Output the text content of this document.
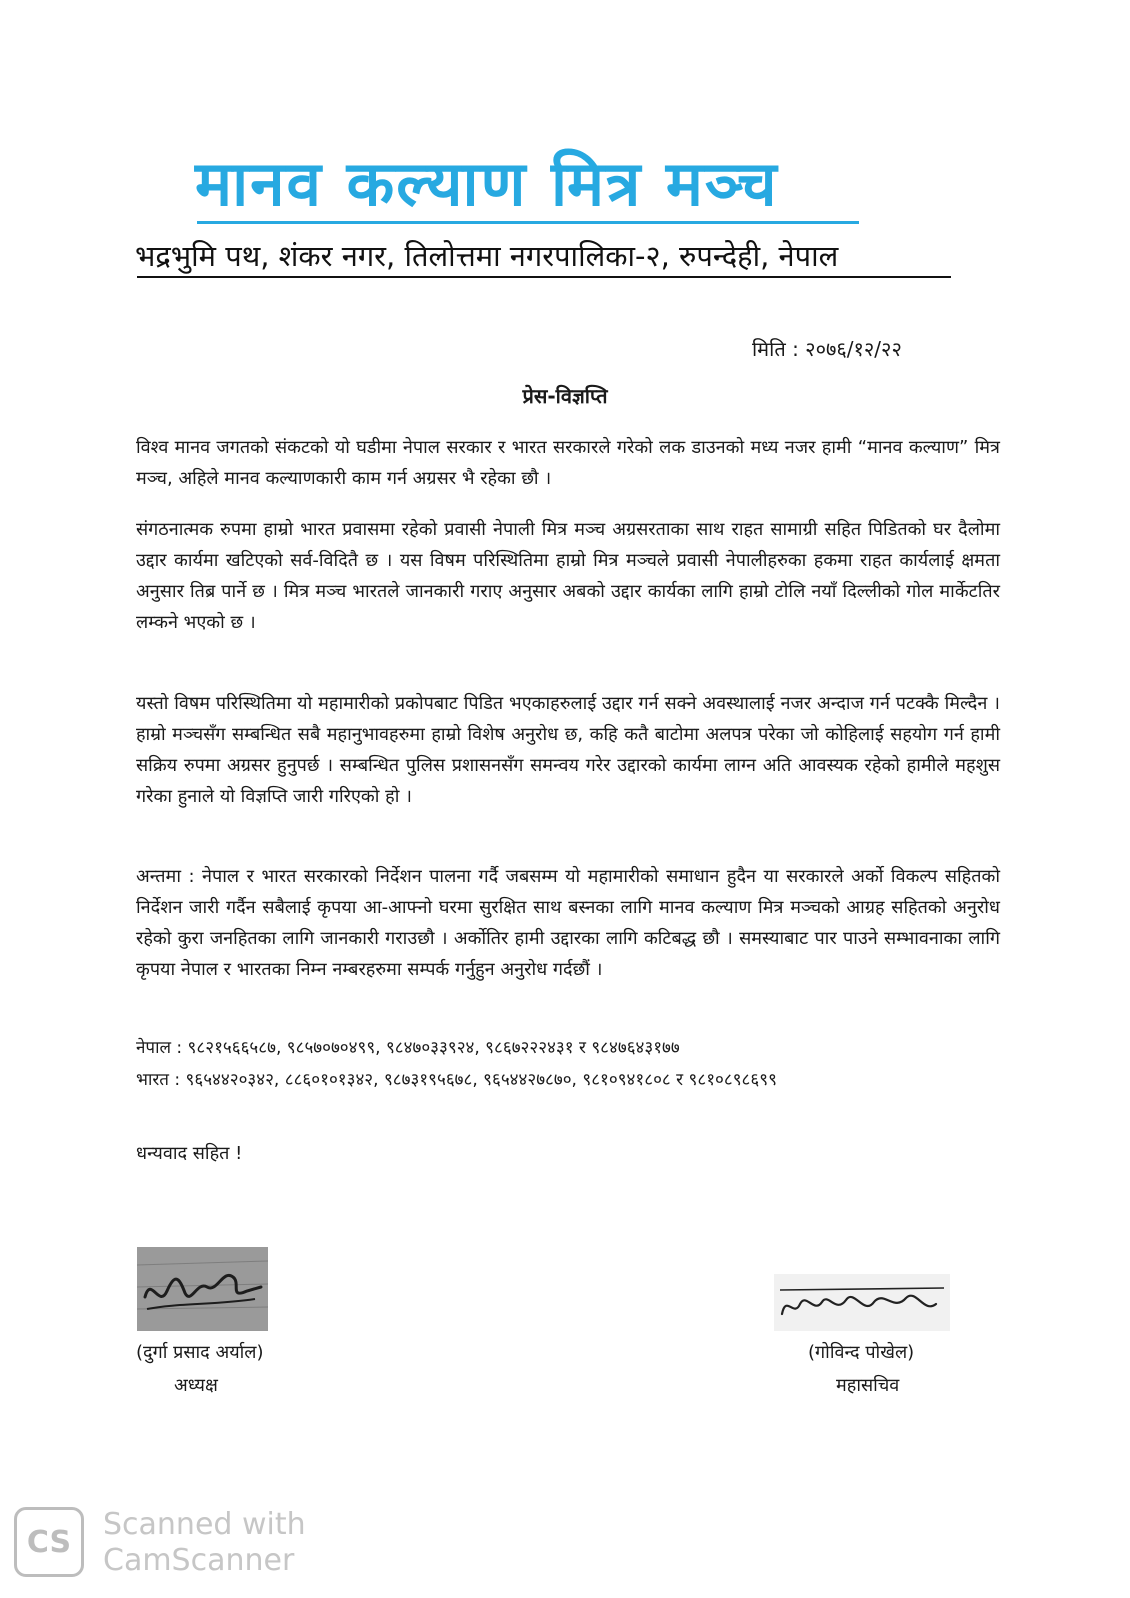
मानव कल्याण मित्र मञ्च
भद्रभुमि पथ, शंकर नगर, तिलोत्तमा नगरपालिका-२, रुपन्देही, नेपाल
मिति : २०७६/१२/२२
प्रेस-विज्ञप्ति
विश्व मानव जगतको संकटको यो घडीमा नेपाल सरकार र भारत सरकारले गरेको लक डाउनको मध्य नजर हामी “मानव कल्याण” मित्र मञ्च, अहिले मानव कल्याणकारी काम गर्न अग्रसर भै रहेका छौ ।
संगठनात्मक रुपमा हाम्रो भारत प्रवासमा रहेको प्रवासी नेपाली मित्र मञ्च अग्रसरताका साथ राहत सामाग्री सहित पिडितको घर दैलोमा उद्दार कार्यमा खटिएको सर्व-विदितै छ । यस विषम परिस्थितिमा हाम्रो मित्र मञ्चले प्रवासी नेपालीहरुका हकमा राहत कार्यलाई क्षमता अनुसार तिब्र पार्ने छ । मित्र मञ्च भारतले जानकारी गराए अनुसार अबको उद्दार कार्यका लागि हाम्रो टोलि नयाँ दिल्लीको गोल मार्केटतिर लम्कने भएको छ ।
यस्तो विषम परिस्थितिमा यो महामारीको प्रकोपबाट पिडित भएकाहरुलाई उद्दार गर्न सक्ने अवस्थालाई नजर अन्दाज गर्न पटक्कै मिल्दैन । हाम्रो मञ्चसँग सम्बन्धित सबै महानुभावहरुमा हाम्रो विशेष अनुरोध छ, कहि कतै बाटोमा अलपत्र परेका जो कोहिलाई सहयोग गर्न हामी सक्रिय रुपमा अग्रसर हुनुपर्छ । सम्बन्धित पुलिस प्रशासनसँग समन्वय गरेर उद्दारको कार्यमा लाग्न अति आवस्यक रहेको हामीले महशुस गरेका हुनाले यो विज्ञप्ति जारी गरिएको हो ।
अन्तमा : नेपाल र भारत सरकारको निर्देशन पालना गर्दै जबसम्म यो महामारीको समाधान हुदैन या सरकारले अर्को विकल्प सहितको निर्देशन जारी गर्दैन सबैलाई कृपया आ-आफ्नो घरमा सुरक्षित साथ बस्नका लागि मानव कल्याण मित्र मञ्चको आग्रह सहितको अनुरोध रहेको कुरा जनहितका लागि जानकारी गराउछौ । अर्कोतिर हामी उद्दारका लागि कटिबद्ध छौ । समस्याबाट पार पाउने सम्भावनाका लागि कृपया नेपाल र भारतका निम्न नम्बरहरुमा सम्पर्क गर्नुहुन अनुरोध गर्दछौं ।
नेपाल : ९८२१५६६५८७, ९८५७०७०४९९, ९८४७०३३९२४, ९८६७२२२४३१ र ९८४७६४३१७७
भारत : ९६५४४२०३४२, ८८६०१०१३४२, ९८७३१९५६७८, ९६५४४२७८७०, ९८१०९४१८०८ र ९८१०८९८६९९
धन्यवाद सहित !
(दुर्गा प्रसाद अर्याल)	(गोविन्द पोखेल)
अध्यक्ष	महासचिव
CS	Scanned with
CamScanner
